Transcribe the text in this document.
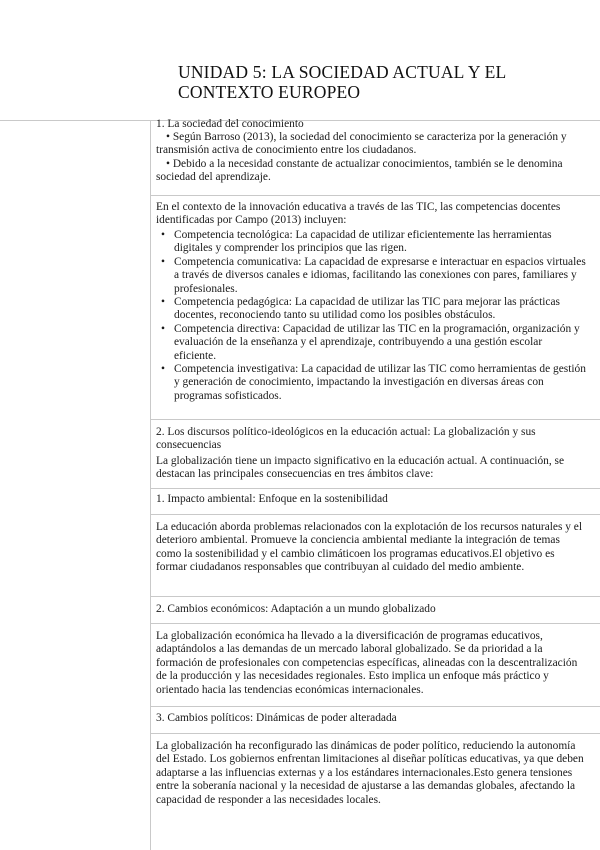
UNIDAD 5: LA SOCIEDAD ACTUAL Y EL CONTEXTO EUROPEO

1. La sociedad del conocimiento

• Según Barroso (2013), la sociedad del conocimiento se caracteriza por la generación y transmisión activa de conocimiento entre los ciudadanos.

• Debido a la necesidad constante de actualizar conocimientos, también se le denomina sociedad del aprendizaje.

En el contexto de la innovación educativa a través de las TIC, las competencias docentes identificadas por Campo (2013) incluyen:

• Competencia tecnológica: La capacidad de utilizar eficientemente las herramientas digitales y comprender los principios que las rigen.
• Competencia comunicativa: La capacidad de expresarse e interactuar en espacios virtuales a través de diversos canales e idiomas, facilitando las conexiones con pares, familiares y profesionales.
• Competencia pedagógica: La capacidad de utilizar las TIC para mejorar las prácticas docentes, reconociendo tanto su utilidad como los posibles obstáculos.
• Competencia directiva: Capacidad de utilizar las TIC en la programación, organización y evaluación de la enseñanza y el aprendizaje, contribuyendo a una gestión escolar eficiente.
• Competencia investigativa: La capacidad de utilizar las TIC como herramientas de gestión y generación de conocimiento, impactando la investigación en diversas áreas con programas sofisticados.

2. Los discursos político-ideológicos en la educación actual: La globalización y sus consecuencias

La globalización tiene un impacto significativo en la educación actual. A continuación, se destacan las principales consecuencias en tres ámbitos clave:

1. Impacto ambiental: Enfoque en la sostenibilidad

La educación aborda problemas relacionados con la explotación de los recursos naturales y el deterioro ambiental. Promueve la conciencia ambiental mediante la integración de temas como la sostenibilidad y el cambio climáticoen los programas educativos.El objetivo es formar ciudadanos responsables que contribuyan al cuidado del medio ambiente.

2. Cambios económicos: Adaptación a un mundo globalizado

La globalización económica ha llevado a la diversificación de programas educativos, adaptándolos a las demandas de un mercado laboral globalizado. Se da prioridad a la formación de profesionales con competencias específicas, alineadas con la descentralización de la producción y las necesidades regionales. Esto implica un enfoque más práctico y orientado hacia las tendencias económicas internacionales.

3. Cambios políticos: Dinámicas de poder alteradada

La globalización ha reconfigurado las dinámicas de poder político, reduciendo la autonomía del Estado. Los gobiernos enfrentan limitaciones al diseñar políticas educativas, ya que deben adaptarse a las influencias externas y a los estándares internacionales.Esto genera tensiones entre la soberanía nacional y la necesidad de ajustarse a las demandas globales, afectando la capacidad de responder a las necesidades locales.
